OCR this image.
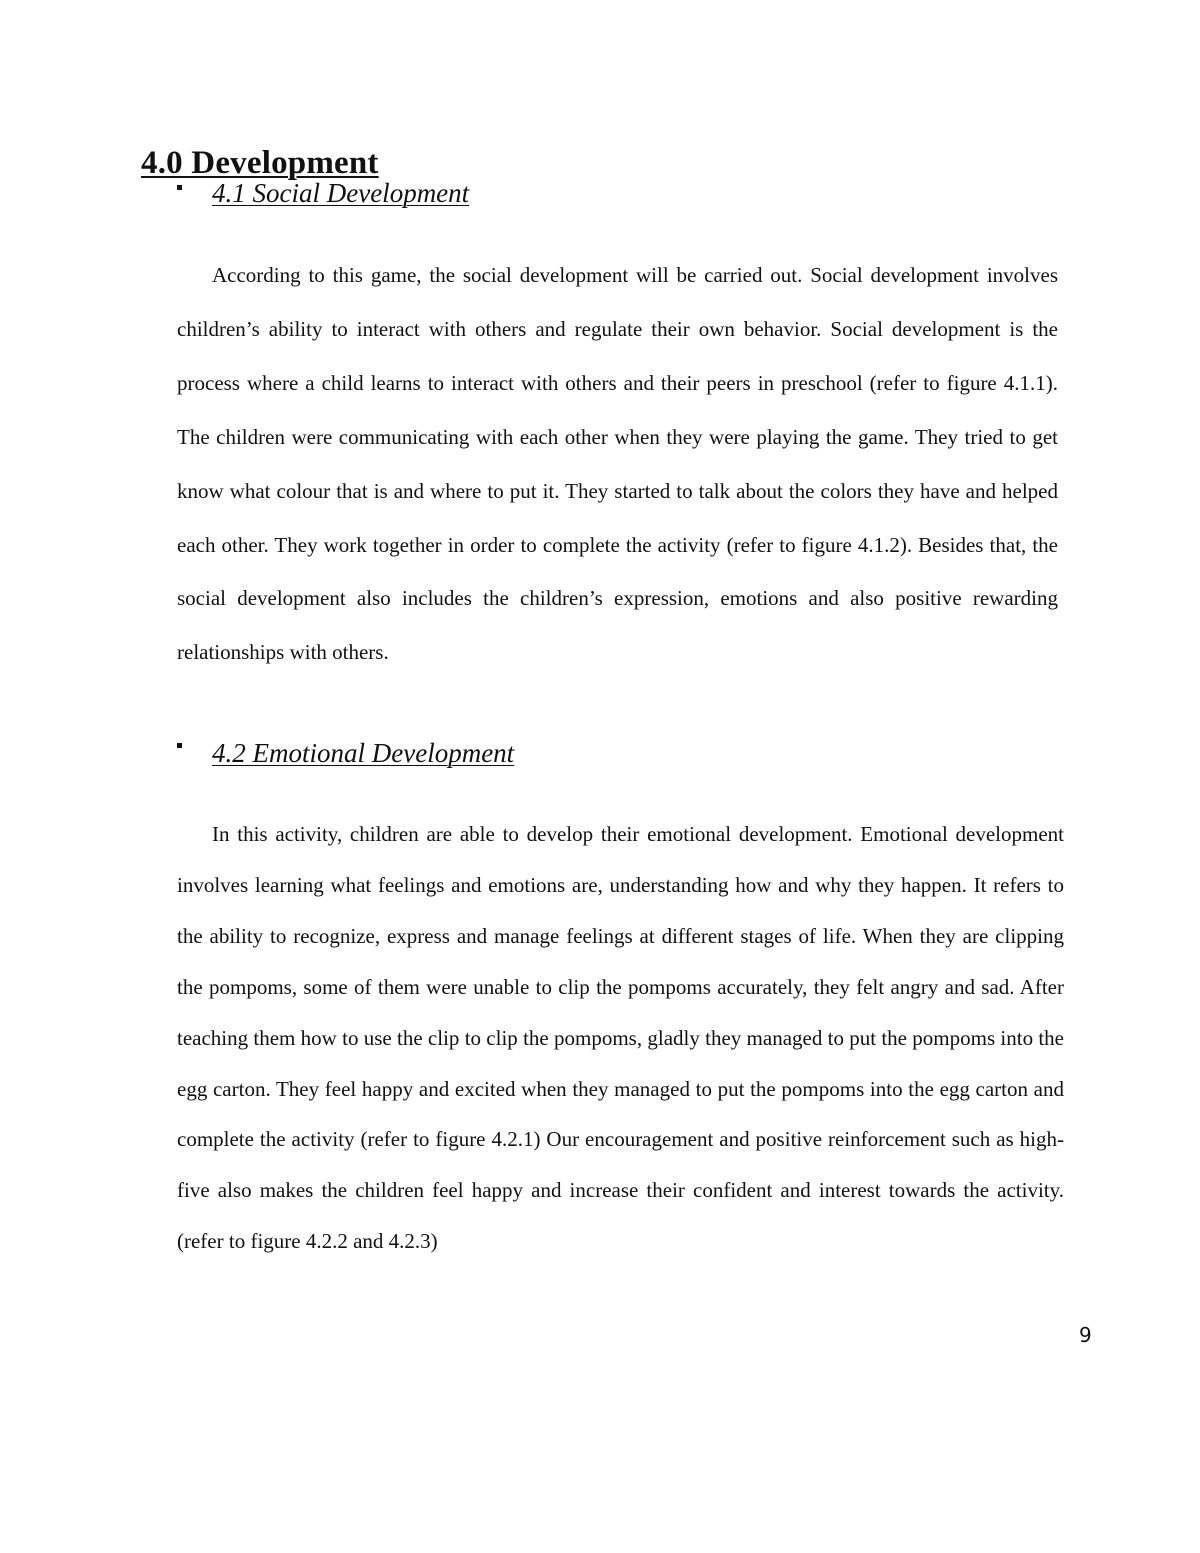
4.0 Development
4.1 Social Development

According to this game, the social development will be carried out. Social development involves children’s ability to interact with others and regulate their own behavior. Social development is the process where a child learns to interact with others and their peers in preschool (refer to figure 4.1.1). The children were communicating with each other when they were playing the game. They tried to get know what colour that is and where to put it. They started to talk about the colors they have and helped each other. They work together in order to complete the activity (refer to figure 4.1.2). Besides that, the social development also includes the children’s expression, emotions and also positive rewarding relationships with others.

4.2 Emotional Development

In this activity, children are able to develop their emotional development. Emotional development involves learning what feelings and emotions are, understanding how and why they happen. It refers to the ability to recognize, express and manage feelings at different stages of life. When they are clipping the pompoms, some of them were unable to clip the pompoms accurately, they felt angry and sad. After teaching them how to use the clip to clip the pompoms, gladly they managed to put the pompoms into the egg carton. They feel happy and excited when they managed to put the pompoms into the egg carton and complete the activity (refer to figure 4.2.1) Our encouragement and positive reinforcement such as high-five also makes the children feel happy and increase their confident and interest towards the activity. (refer to figure 4.2.2 and 4.2.3)

9
